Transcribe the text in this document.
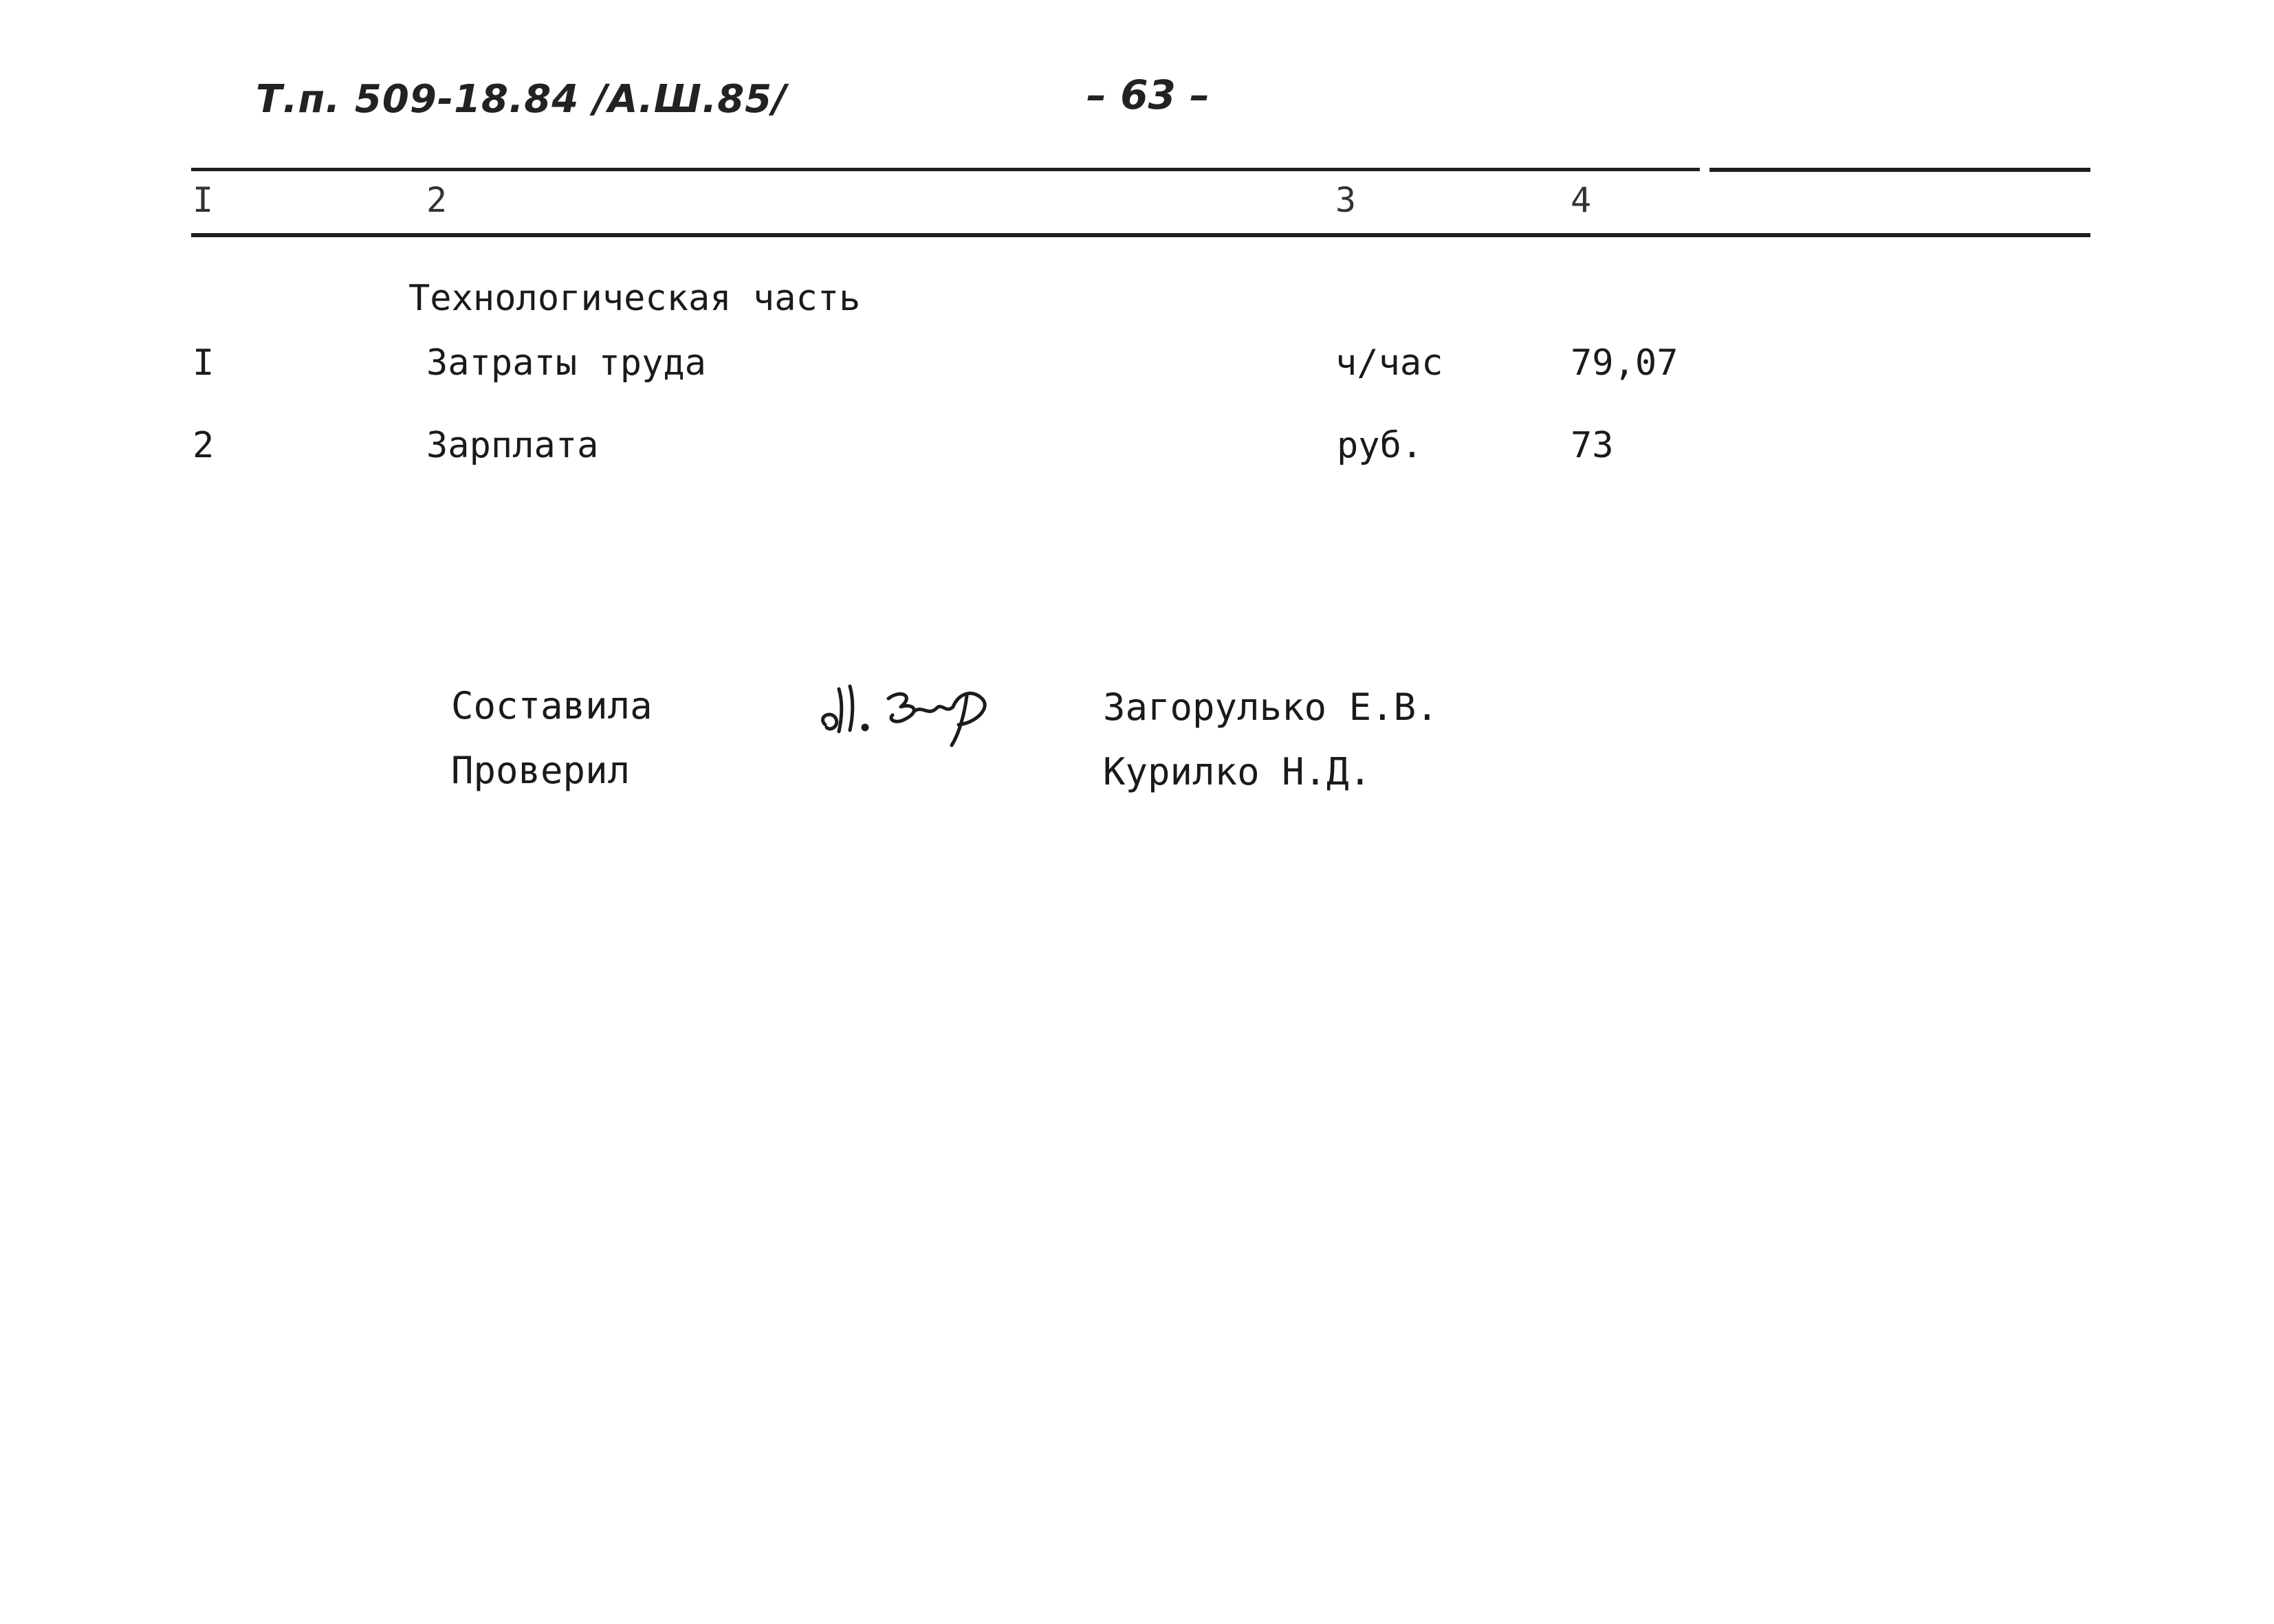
Т.п. 509-18.84 /А.Ш.85/	– 63 –
I	2	3	4
Технологическая часть
I	Затраты труда	ч/час	79,07
2	Зарплата	руб.	73
Составила	Загорулько Е.В.
Проверил	Курилко Н.Д.
